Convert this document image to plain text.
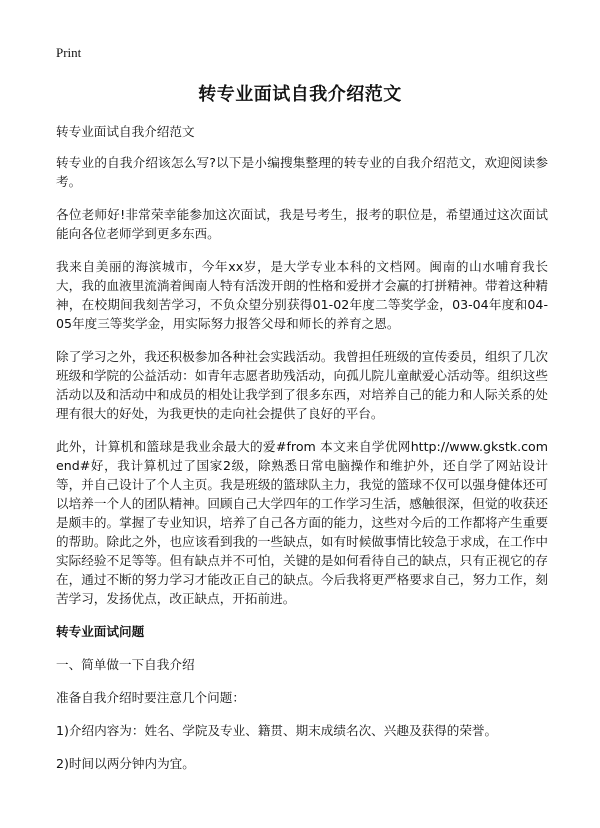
Print
转专业面试自我介绍范文

转专业面试自我介绍范文

转专业的自我介绍该怎么写?以下是小编搜集整理的转专业的自我介绍范文，欢迎阅读参考。

各位老师好!非常荣幸能参加这次面试，我是号考生，报考的职位是，希望通过这次面试能向各位老师学到更多东西。

我来自美丽的海滨城市，今年xx岁，是大学专业本科的文档网。闽南的山水哺育我长大，我的血液里流淌着闽南人特有活泼开朗的性格和爱拼才会赢的打拼精神。带着这种精神，在校期间我刻苦学习，不负众望分别获得01-02年度二等奖学金，03-04年度和04-05年度三等奖学金，用实际努力报答父母和师长的养育之恩。

除了学习之外，我还积极参加各种社会实践活动。我曾担任班级的宣传委员，组织了几次班级和学院的公益活动：如青年志愿者助残活动，向孤儿院儿童献爱心活动等。组织这些活动以及和活动中和成员的相处让我学到了很多东西，对培养自己的能力和人际关系的处理有很大的好处，为我更快的走向社会提供了良好的平台。

此外，计算机和篮球是我业余最大的爱#from 本文来自学优网http://www.gkstk.com end#好，我计算机过了国家2级，除熟悉日常电脑操作和维护外，还自学了网站设计等，并自己设计了个人主页。我是班级的篮球队主力，我觉的篮球不仅可以强身健体还可以培养一个人的团队精神。回顾自己大学四年的工作学习生活，感触很深，但觉的收获还是颇丰的。掌握了专业知识，培养了自己各方面的能力，这些对今后的工作都将产生重要的帮助。除此之外，也应该看到我的一些缺点，如有时候做事情比较急于求成，在工作中实际经验不足等等。但有缺点并不可怕，关键的是如何看待自己的缺点，只有正视它的存在，通过不断的努力学习才能改正自己的缺点。今后我将更严格要求自己，努力工作，刻苦学习，发扬优点，改正缺点，开拓前进。

转专业面试问题

一、简单做一下自我介绍

准备自我介绍时要注意几个问题：

1)介绍内容为：姓名、学院及专业、籍贯、期末成绩名次、兴趣及获得的荣誉。

2)时间以两分钟内为宜。
